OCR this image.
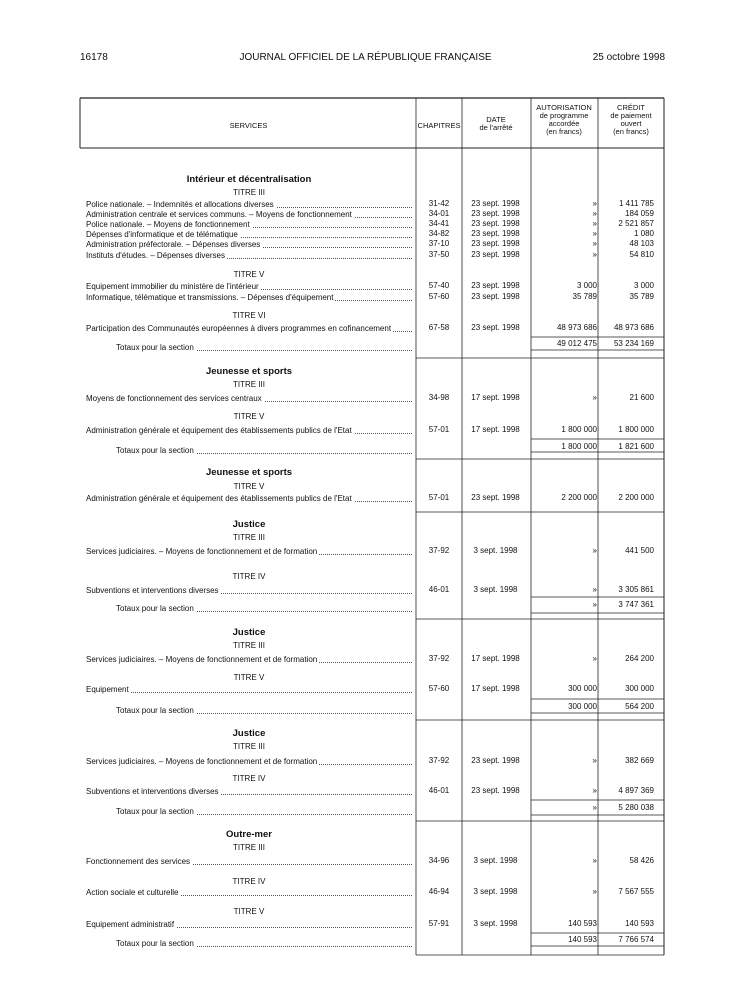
16178	JOURNAL OFFICIEL DE LA RÉPUBLIQUE FRANÇAISE	25 octobre 1998
SERVICES	CHAPITRES
DATE
de l'arrêté
AUTORISATION
de programme
accordée
(en francs)
CRÉDIT
de paiement
ouvert
(en francs)
Intérieur et décentralisation
TITRE III
Police nationale. – Indemnités et allocations diverses	31-42	23 sept. 1998	»	1 411 785
Administration centrale et services communs. – Moyens de fonctionnement	34-01	23 sept. 1998	»	184 059
Police nationale. – Moyens de fonctionnement	34-41	23 sept. 1998	»	2 521 857
Dépenses d'informatique et de télématique	34-82	23 sept. 1998	»	1 080
Administration préfectorale. – Dépenses diverses	37-10	23 sept. 1998	»	48 103
Instituts d'études. – Dépenses diverses	37-50	23 sept. 1998	»	54 810
TITRE V
Equipement immobilier du ministère de l'intérieur	57-40	23 sept. 1998	3 000	3 000
Informatique, télématique et transmissions. – Dépenses d'équipement	57-60	23 sept. 1998	35 789	35 789
TITRE VI
Participation des Communautés européennes à divers programmes en cofinancement	67-58	23 sept. 1998	48 973 686	48 973 686
Totaux pour la section	49 012 475	53 234 169
Jeunesse et sports
TITRE III
Moyens de fonctionnement des services centraux	34-98	17 sept. 1998	»	21 600
TITRE V
Administration générale et équipement des établissements publics de l'Etat	57-01	17 sept. 1998	1 800 000	1 800 000
Totaux pour la section	1 800 000	1 821 600
Jeunesse et sports
TITRE V
Administration générale et équipement des établissements publics de l'Etat	57-01	23 sept. 1998	2 200 000	2 200 000
Justice
TITRE III
Services judiciaires. – Moyens de fonctionnement et de formation	37-92	3 sept. 1998	»	441 500
TITRE IV
Subventions et interventions diverses	46-01	3 sept. 1998	»	3 305 861
Totaux pour la section	»	3 747 361
Justice
TITRE III
Services judiciaires. – Moyens de fonctionnement et de formation	37-92	17 sept. 1998	»	264 200
TITRE V
Equipement	57-60	17 sept. 1998	300 000	300 000
Totaux pour la section	300 000	564 200
Justice
TITRE III
Services judiciaires. – Moyens de fonctionnement et de formation	37-92	23 sept. 1998	»	382 669
TITRE IV
Subventions et interventions diverses	46-01	23 sept. 1998	»	4 897 369
Totaux pour la section	»	5 280 038
Outre-mer
TITRE III
Fonctionnement des services	34-96	3 sept. 1998	»	58 426
TITRE IV
Action sociale et culturelle	46-94	3 sept. 1998	»	7 567 555
TITRE V
Equipement administratif	57-91	3 sept. 1998	140 593	140 593
Totaux pour la section	140 593	7 766 574
